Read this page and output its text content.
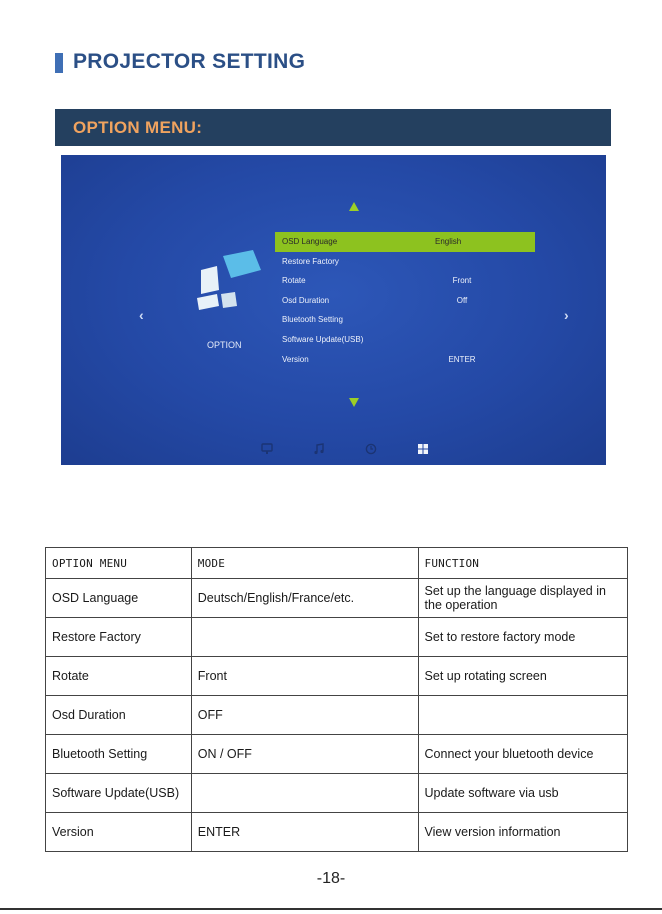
PROJECTOR SETTING
OPTION MENU:
‹	›
OPTION
OSD Language	English
Restore Factory
Rotate	Front
Osd Duration	Off
Bluetooth Setting
Software Update(USB)
Version	ENTER
OPTION MENU	MODE	FUNCTION
OSD Language	Deutsch/English/France/etc.	Set up the language displayed in the operation
Restore Factory		Set to restore factory mode
Rotate	Front	Set up rotating screen
Osd Duration	OFF	
Bluetooth Setting	ON / OFF	Connect your bluetooth device
Software Update(USB)		Update software via usb
Version	ENTER	View version information
-18-
